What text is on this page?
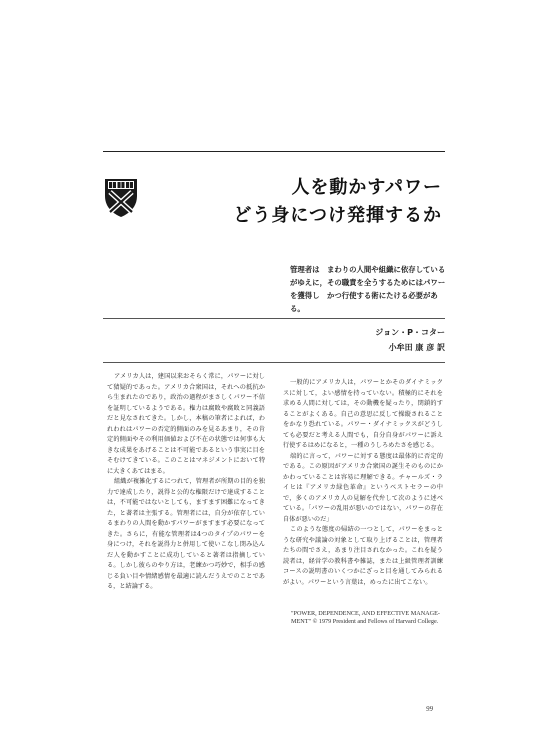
人を動かすパワー
どう身につけ発揮するか
管理者は　まわりの人間や組織に依存しているがゆえに，その職責を全うするためにはパワーを獲得し　かつ行使する術にたける必要がある。
ジョン・P・コター
小牟田 康 彦 訳

アメリカ人は，建国以来おそらく常に，パワーに対して猜疑的であった。アメリカ合衆国は，それへの抵抗から生まれたのであり，政治の過程がまさしくパワー不信を証明しているようである。権力は腐敗や腐敗と同義語だと見なされてきた。しかし，本稿の筆者によれば，われわれはパワーの否定的側面のみを見るあまり，その肯定的側面やその利用価値および不在の状態では何事も大きな成果をあげることは不可能であるという事実に目をそむけてきている。このことはマネジメントにおいて特に大きくあてはまる。

組織が複雑化するにつれて，管理者が所期の目的を独力で達成したり，説得と公的な権限だけで達成することは，不可能ではないとしても，ますます困難になってきた，と著者は主張する。管理者には，自分が依存しているまわりの人間を動かすパワーがますます必要になってきた。さらに，有能な管理者は4つのタイプのパワーを身につけ，それを説得力と併用して使いこなし閉み込んだ人を動かすことに成功していると著者は指摘している。しかし彼らのやり方は，老練かつ巧妙で，相手の感じる負い目や情緒感情を最適に読んだうえでのことである，と結論する。

一般的にアメリカ人は，パワーとかそのダイナミックスに対して，よい感情を持っていない。積極的にそれを求める人間に対しては，その動機を疑ったり，閉鎖的することがよくある。自己の意思に反して操縦されることをかなり恐れている。パワー・ダイナミックスがどうしても必要だと考える人間でも，自分自身がパワーに訴え行使するはめになると，一種のうしろめたさを感じる。

端的に言って，パワーに対する態度は最体的に否定的である。この原因がアメリカ合衆国の誕生そのものにかかわっていることは容易に理解できる。チャールズ・ライヒは『アメリカ緑色革命』というベストセラーの中で，多くのアメリカ人の見解を代弁して次のように述べている。「パワーの乱用が悪いのではない，パワーの存在自体が悪いのだ」

このような態度の帰結の一つとして，パワーをまっとうな研究や議論の対象として取り上げることは，管理者たちの間でさえ，あまり注目されなかった。これを疑う読者は，経営学の教科書や雑誌，または上級管理者訓練コースの説明書のいくつかにざっと目を通してみられるがよい。パワーという言葉は，めったに出てこない。

"POWER, DEPENDENCE, AND EFFECTIVE MANAGE-
MENT" © 1979 President and Fellows of Harvard College.
99
